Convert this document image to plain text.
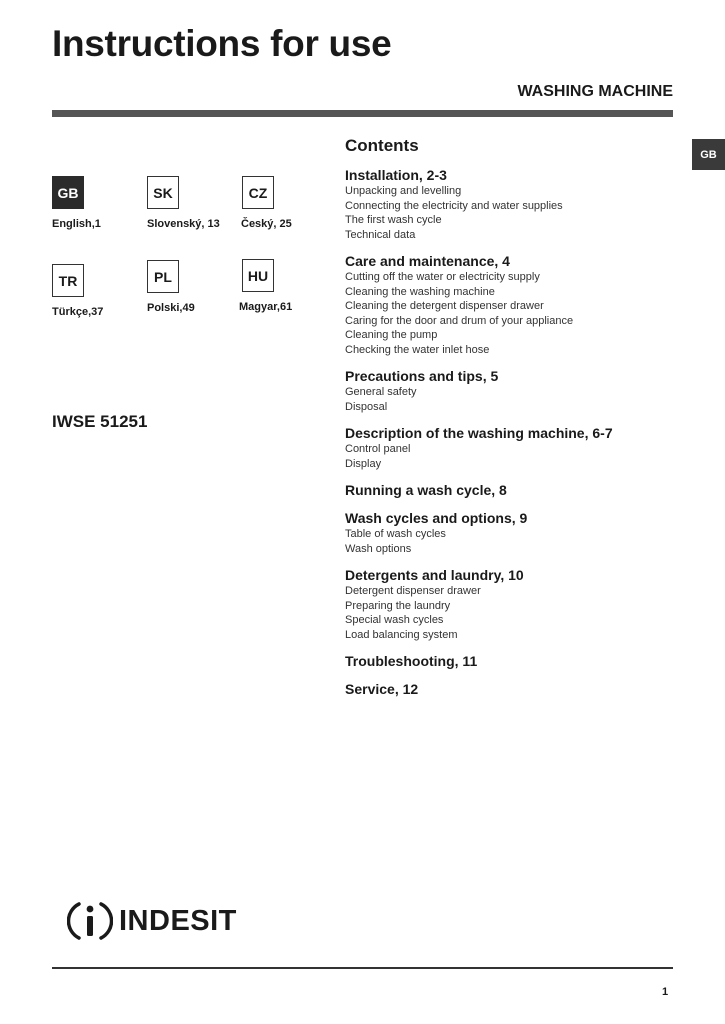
Instructions for use
WASHING MACHINE
GB
GB
English,1
SK
Slovenský, 13
CZ
Český, 25
TR
Türkçe,37
PL
Polski,49
HU
Magyar,61
IWSE 51251
Contents
Installation, 2-3
Unpacking and levelling
Connecting the electricity and water supplies
The first wash cycle
Technical data
Care and maintenance, 4
Cutting off the water or electricity supply
Cleaning the washing machine
Cleaning the detergent dispenser drawer
Caring for the door and drum of your appliance
Cleaning the pump
Checking the water inlet hose
Precautions and tips, 5
General safety
Disposal
Description of the washing machine, 6-7
Control panel
Display
Running a wash cycle, 8
Wash cycles and options, 9
Table of wash cycles
Wash options
Detergents and laundry, 10
Detergent dispenser drawer
Preparing the laundry
Special wash cycles
Load balancing system
Troubleshooting, 11
Service, 12
INDESIT
1
